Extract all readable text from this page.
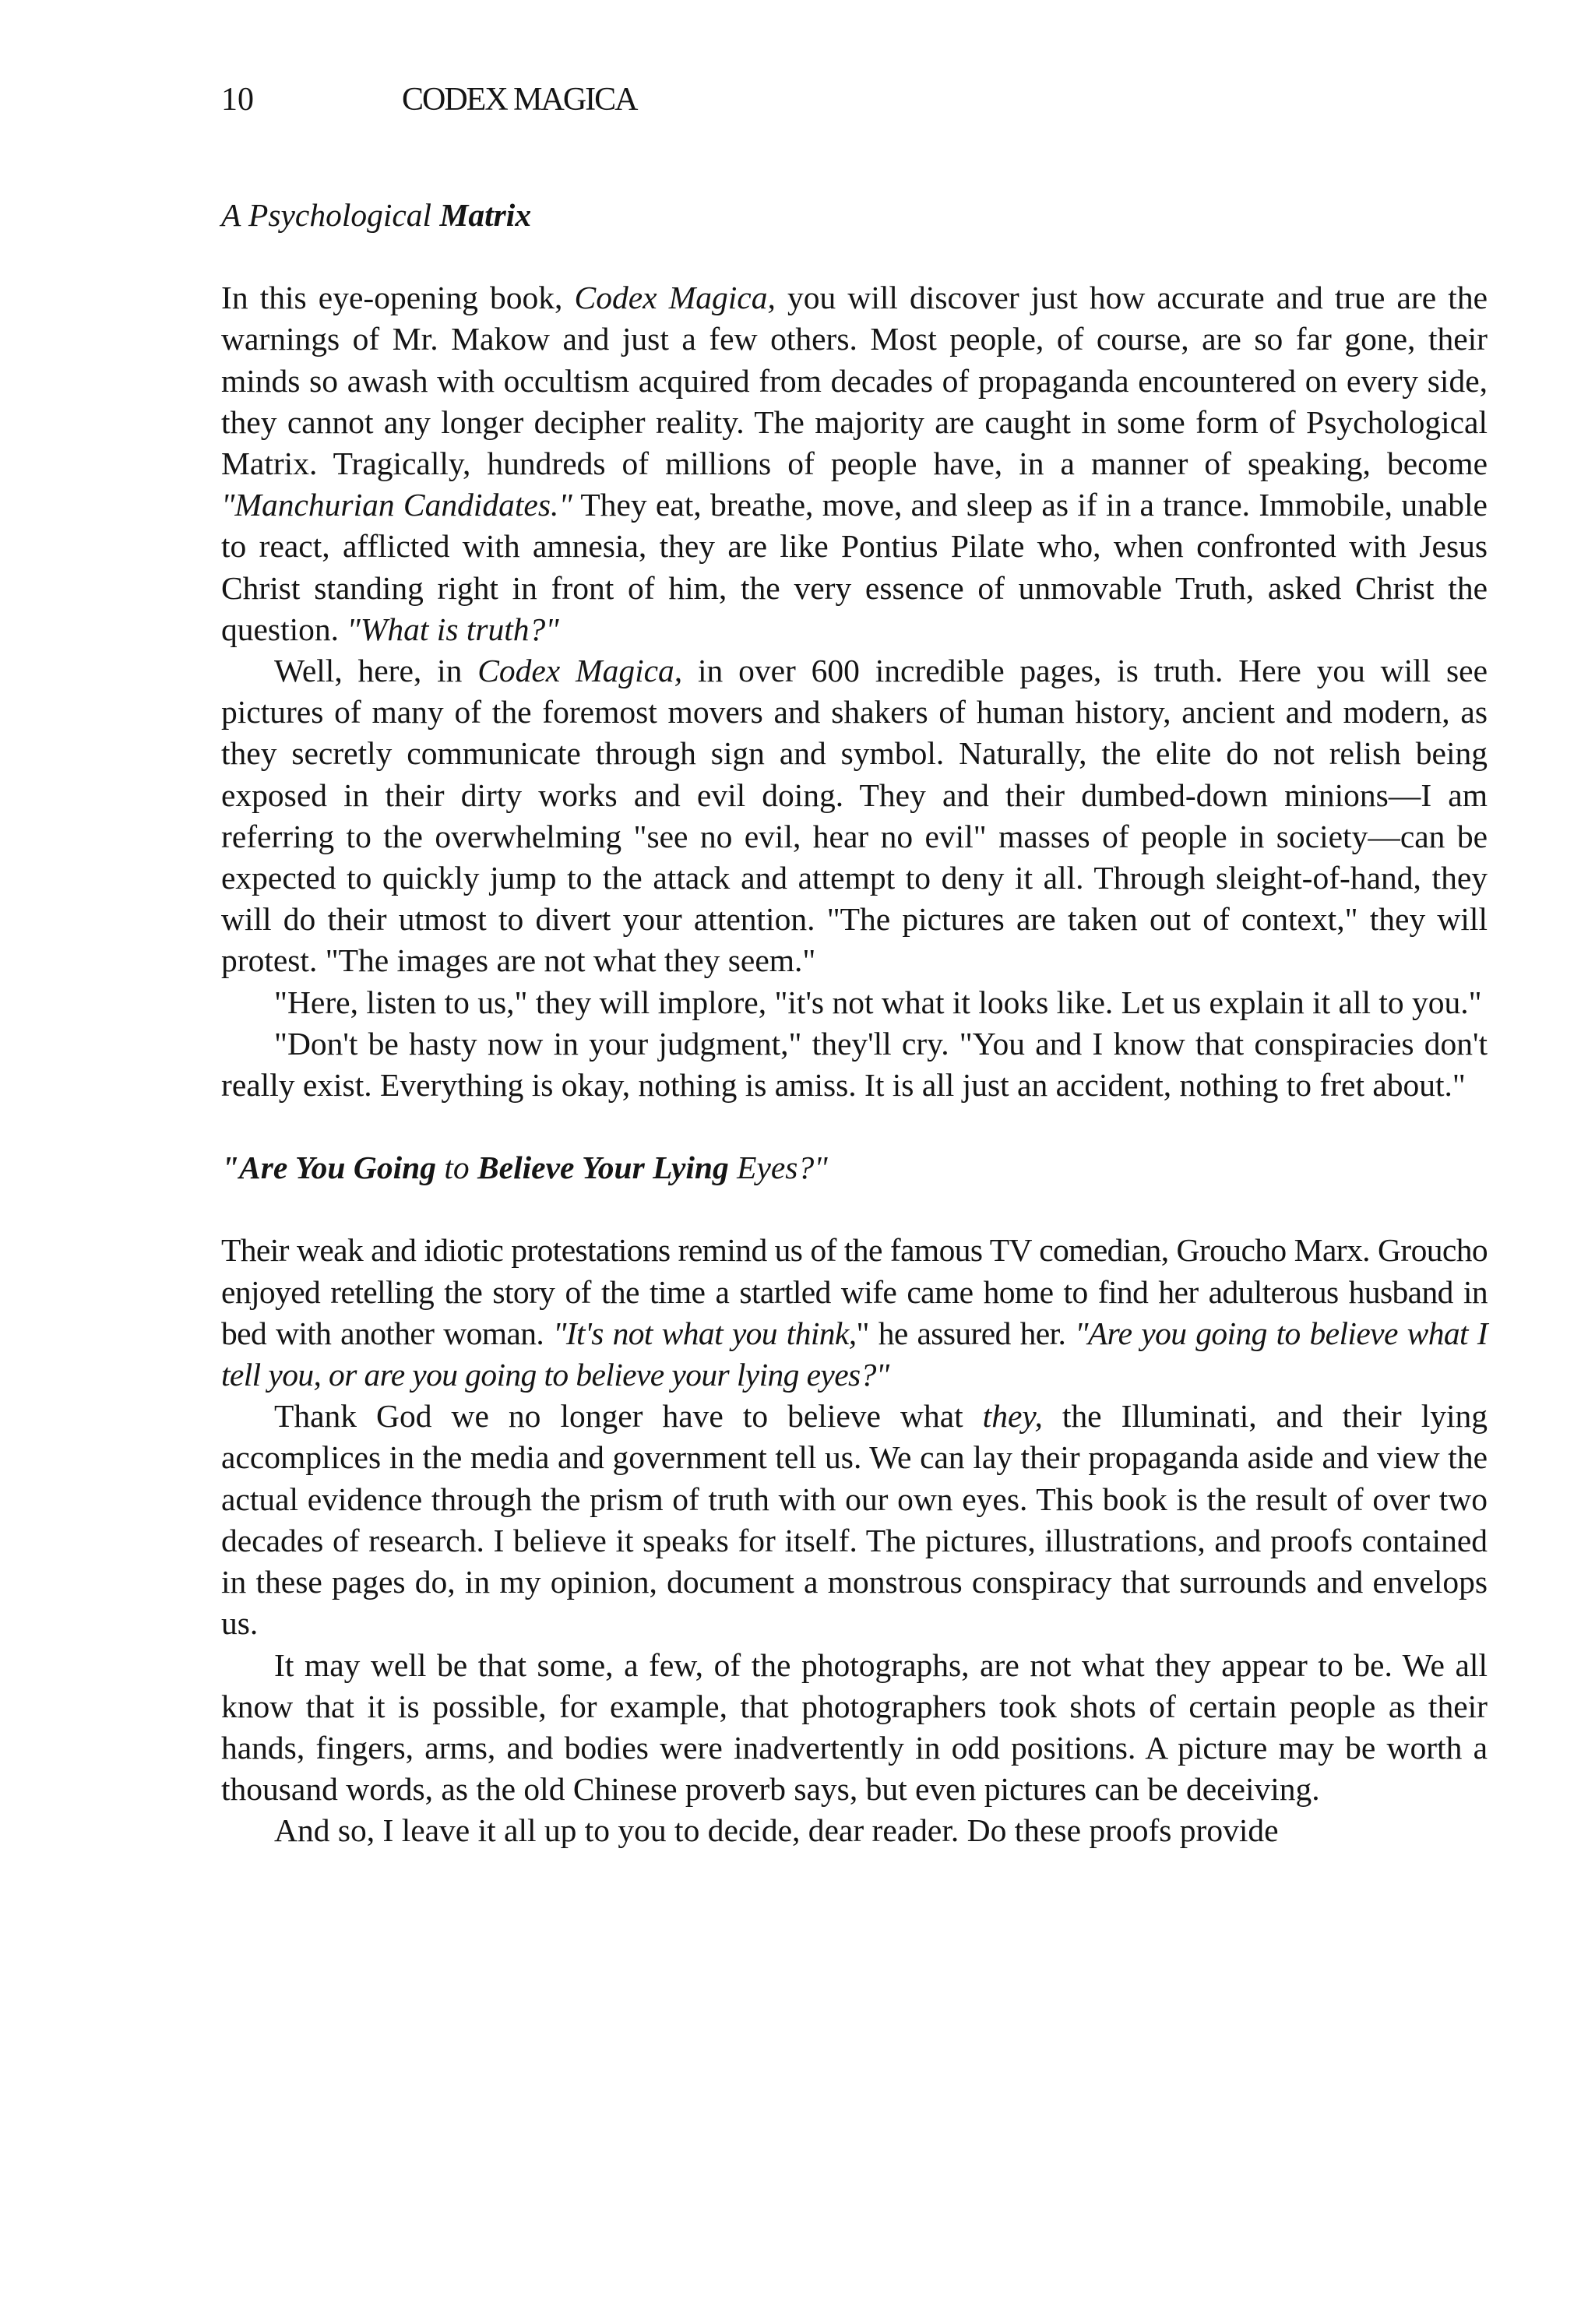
10	CODEX MAGICA
A Psychological Matrix

In this eye-opening book, Codex Magica, you will discover just how accurate and true are the warnings of Mr. Makow and just a few others. Most people, of course, are so far gone, their minds so awash with occultism acquired from decades of propaganda encountered on every side, they cannot any longer decipher reality. The majority are caught in some form of Psychological Matrix. Tragically, hundreds of millions of people have, in a manner of speaking, become "Manchurian Candidates." They eat, breathe, move, and sleep as if in a trance. Immobile, unable to react, afflicted with amnesia, they are like Pontius Pilate who, when confronted with Jesus Christ standing right in front of him, the very essence of unmovable Truth, asked Christ the question. "What is truth?"

Well, here, in Codex Magica, in over 600 incredible pages, is truth. Here you will see pictures of many of the foremost movers and shakers of human history, ancient and modern, as they secretly communicate through sign and symbol. Naturally, the elite do not relish being exposed in their dirty works and evil doing. They and their dumbed-down minions—I am referring to the overwhelming "see no evil, hear no evil" masses of people in society—can be expected to quickly jump to the attack and attempt to deny it all. Through sleight-of-hand, they will do their utmost to divert your attention. "The pictures are taken out of context," they will protest. "The images are not what they seem."

"Here, listen to us," they will implore, "it's not what it looks like. Let us explain it all to you."

"Don't be hasty now in your judgment," they'll cry. "You and I know that conspiracies don't really exist. Everything is okay, nothing is amiss. It is all just an accident, nothing to fret about."

"Are You Going to Believe Your Lying Eyes?"

Their weak and idiotic protestations remind us of the famous TV comedian, Groucho Marx. Groucho enjoyed retelling the story of the time a startled wife came home to find her adulterous husband in bed with another woman. "It's not what you think," he assured her. "Are you going to believe what I tell you, or are you going to believe your lying eyes?"

Thank God we no longer have to believe what they, the Illuminati, and their lying accomplices in the media and government tell us. We can lay their propaganda aside and view the actual evidence through the prism of truth with our own eyes. This book is the result of over two decades of research. I believe it speaks for itself. The pictures, illustrations, and proofs contained in these pages do, in my opinion, document a monstrous conspiracy that surrounds and envelops us.

It may well be that some, a few, of the photographs, are not what they appear to be. We all know that it is possible, for example, that photographers took shots of certain people as their hands, fingers, arms, and bodies were inadvertently in odd positions. A picture may be worth a thousand words, as the old Chinese proverb says, but even pictures can be deceiving.

And so, I leave it all up to you to decide, dear reader. Do these proofs provide
